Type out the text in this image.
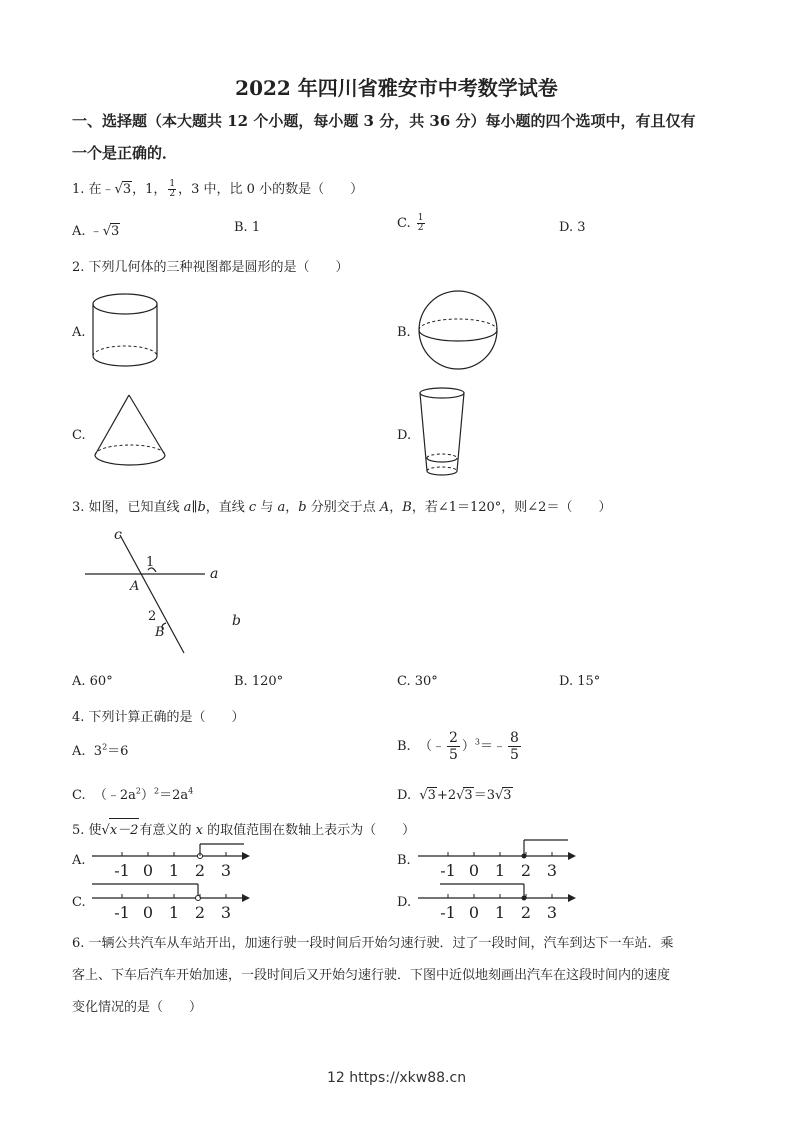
2022 年四川省雅安市中考数学试卷
一、选择题（本大题共 12 个小题，每小题 3 分，共 36 分）每小题的四个选项中，有且仅有
一个是正确的．
1. 在﹣√3，1， $\frac{1}{2}$ ，3 中，比 0 小的数是（　　）
A. ﹣√3	B. 1	C. $\frac{1}{2}$	D. 3
2. 下列几何体的三种视图都是圆形的是（　　）
A.	B.
C.	D.
3. 如图，已知直线 a∥b，直线 c 与 a，b 分别交于点 A，B，若∠1＝120°，则∠2＝（　　）
c
1
a
A
2
B
b
A. 60°	B. 120°	C. 30°	D. 15°
4. 下列计算正确的是（　　）
A. $3^2=6$	B. （﹣ $\frac{2}{5}$ ）$^3$＝﹣ $\frac{8}{5}$
C. $(﹣2a^2)^2=2a^4$	D. √3+2√3＝3√3
5. 使√x－2有意义的 x 的取值范围在数轴上表示为（　　）
A.	B.
C.	D.
-1 0 1 2 3	-1 0 1 2 3
-1 0 1 2 3	-1 0 1 2 3
6. 一辆公共汽车从车站开出，加速行驶一段时间后开始匀速行驶．过了一段时间，汽车到达下一车站．乘
客上、下车后汽车开始加速，一段时间后又开始匀速行驶．下图中近似地刻画出汽车在这段时间内的速度
变化情况的是（　　）
12 https://xkw88.cn
